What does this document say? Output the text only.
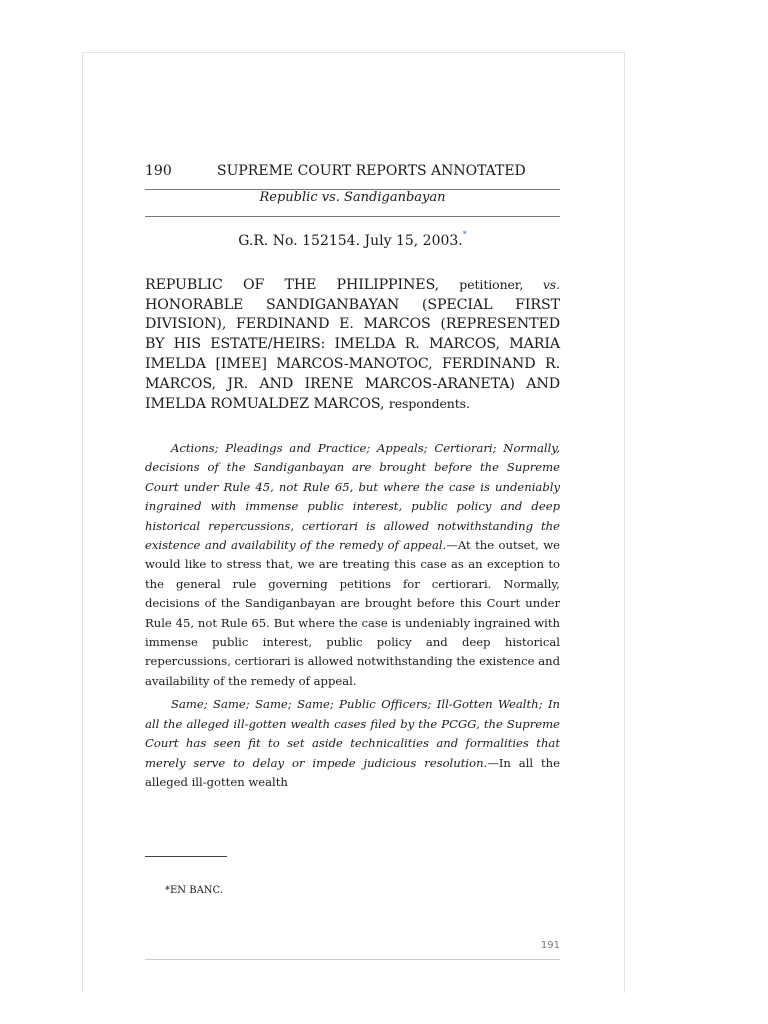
190	SUPREME COURT REPORTS ANNOTATED
Republic vs. Sandiganbayan
G.R. No. 152154. July 15, 2003.*
REPUBLIC OF THE PHILIPPINES, petitioner, vs. HONORABLE SANDIGANBAYAN (SPECIAL FIRST DIVISION), FERDINAND E. MARCOS (REPRESENTED BY HIS ESTATE/HEIRS: IMELDA R. MARCOS, MARIA IMELDA [IMEE] MARCOS-MANOTOC, FERDINAND R. MARCOS, JR. AND IRENE MARCOS-ARANETA) AND IMELDA ROMUALDEZ MARCOS, respondents.

Actions; Pleadings and Practice; Appeals; Certiorari; Normally, decisions of the Sandiganbayan are brought before the Supreme Court under Rule 45, not Rule 65, but where the case is undeniably ingrained with immense public interest, public policy and deep historical repercussions, certiorari is allowed notwithstanding the existence and availability of the remedy of appeal.—At the outset, we would like to stress that, we are treating this case as an exception to the general rule governing petitions for certiorari. Normally, decisions of the Sandiganbayan are brought before this Court under Rule 45, not Rule 65. But where the case is undeniably ingrained with immense public interest, public policy and deep historical repercussions, certiorari is allowed notwithstanding the existence and availability of the remedy of appeal.

Same; Same; Same; Same; Public Officers; Ill-Gotten Wealth; In all the alleged ill-gotten wealth cases filed by the PCGG, the Supreme Court has seen fit to set aside technicalities and formalities that merely serve to delay or impede judicious resolution.—In all the alleged ill-gotten wealth

*EN BANC.
191
